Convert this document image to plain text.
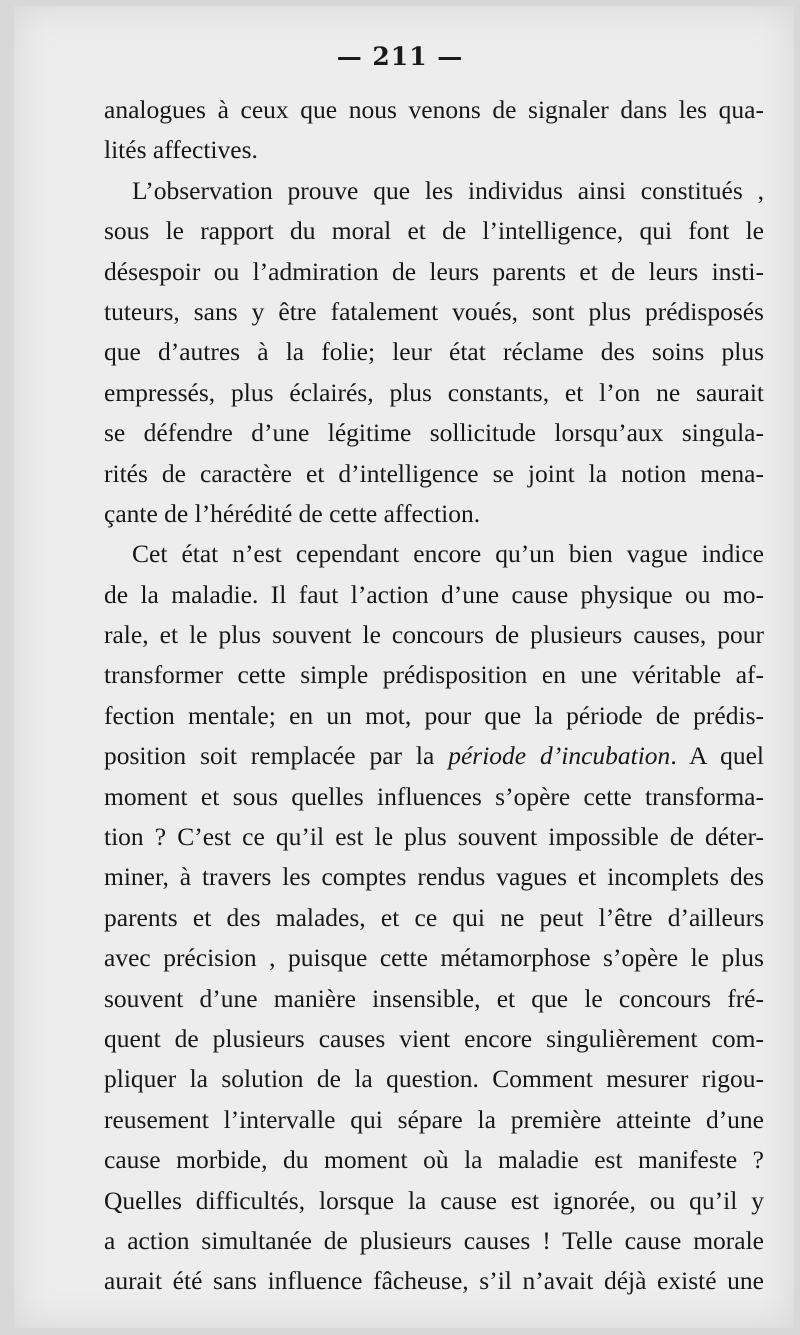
— 211 —
analogues à ceux que nous venons de signaler dans les qua-
lités affectives.
L’observation prouve que les individus ainsi constitués ,
sous le rapport du moral et de l’intelligence, qui font le
désespoir ou l’admiration de leurs parents et de leurs insti-
tuteurs, sans y être fatalement voués, sont plus prédisposés
que d’autres à la folie; leur état réclame des soins plus
empressés, plus éclairés, plus constants, et l’on ne saurait
se défendre d’une légitime sollicitude lorsqu’aux singula-
rités de caractère et d’intelligence se joint la notion mena-
çante de l’hérédité de cette affection.
Cet état n’est cependant encore qu’un bien vague indice
de la maladie. Il faut l’action d’une cause physique ou mo-
rale, et le plus souvent le concours de plusieurs causes, pour
transformer cette simple prédisposition en une véritable af-
fection mentale; en un mot, pour que la période de prédis-
position soit remplacée par la période d’incubation. A quel
moment et sous quelles influences s’opère cette transforma-
tion ? C’est ce qu’il est le plus souvent impossible de déter-
miner, à travers les comptes rendus vagues et incomplets des
parents et des malades, et ce qui ne peut l’être d’ailleurs
avec précision , puisque cette métamorphose s’opère le plus
souvent d’une manière insensible, et que le concours fré-
quent de plusieurs causes vient encore singulièrement com-
pliquer la solution de la question. Comment mesurer rigou-
reusement l’intervalle qui sépare la première atteinte d’une
cause morbide, du moment où la maladie est manifeste ?
Quelles difficultés, lorsque la cause est ignorée, ou qu’il y
a action simultanée de plusieurs causes ! Telle cause morale
aurait été sans influence fâcheuse, s’il n’avait déjà existé une
